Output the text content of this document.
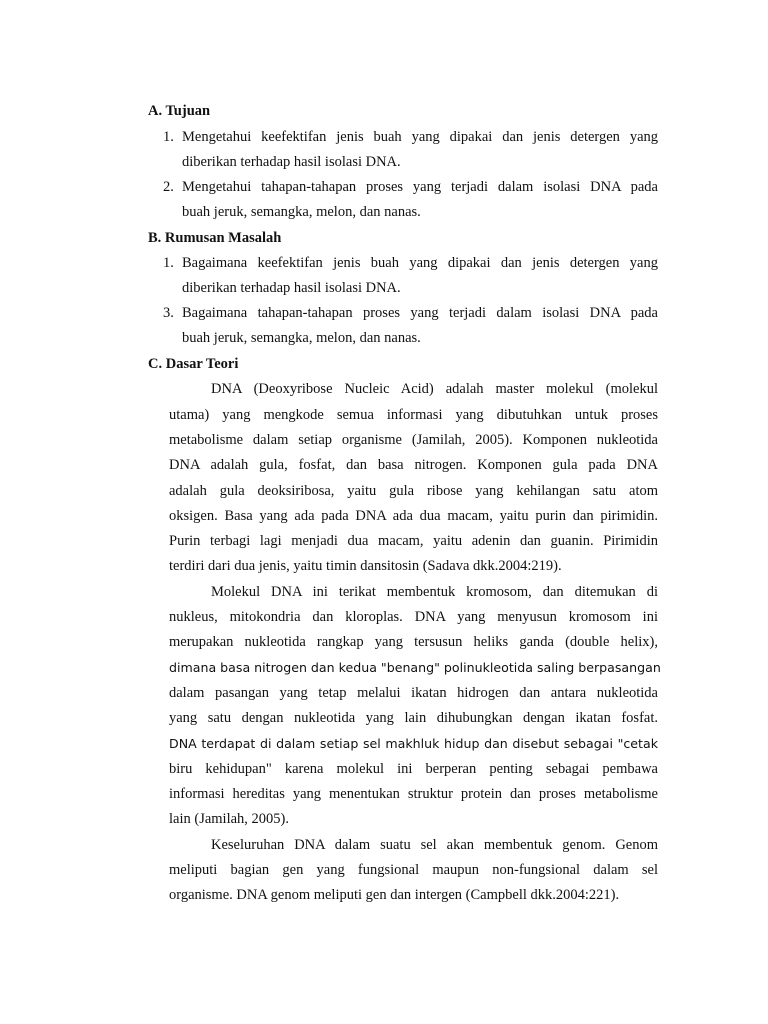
A. Tujuan
1. Mengetahui keefektifan jenis buah yang dipakai dan jenis detergen yang
diberikan terhadap hasil isolasi DNA.
2. Mengetahui tahapan-tahapan proses yang terjadi dalam isolasi DNA pada
buah jeruk, semangka, melon, dan nanas.
B. Rumusan Masalah
1. Bagaimana keefektifan jenis buah yang dipakai dan jenis detergen yang
diberikan terhadap hasil isolasi DNA.
3. Bagaimana tahapan-tahapan proses yang terjadi dalam isolasi DNA pada
buah jeruk, semangka, melon, dan nanas.
C. Dasar Teori
DNA (Deoxyribose Nucleic Acid) adalah master molekul (molekul
utama) yang mengkode semua informasi yang dibutuhkan untuk proses
metabolisme dalam setiap organisme (Jamilah, 2005). Komponen nukleotida
DNA adalah gula, fosfat, dan basa nitrogen. Komponen gula pada DNA
adalah gula deoksiribosa, yaitu gula ribose yang kehilangan satu atom
oksigen. Basa yang ada pada DNA ada dua macam, yaitu purin dan pirimidin.
Purin terbagi lagi menjadi dua macam, yaitu adenin dan guanin. Pirimidin
terdiri dari dua jenis, yaitu timin dansitosin (Sadava dkk.2004:219).
Molekul DNA ini terikat membentuk kromosom, dan ditemukan di
nukleus, mitokondria dan kloroplas. DNA yang menyusun kromosom ini
merupakan nukleotida rangkap yang tersusun heliks ganda (double helix),
dimana basa nitrogen dan kedua "benang" polinukleotida saling berpasangan
dalam pasangan yang tetap melalui ikatan hidrogen dan antara nukleotida
yang satu dengan nukleotida yang lain dihubungkan dengan ikatan fosfat.
DNA terdapat di dalam setiap sel makhluk hidup dan disebut sebagai "cetak
biru kehidupan" karena molekul ini berperan penting sebagai pembawa
informasi hereditas yang menentukan struktur protein dan proses metabolisme
lain (Jamilah, 2005).
Keseluruhan DNA dalam suatu sel akan membentuk genom. Genom
meliputi bagian gen yang fungsional maupun non-fungsional dalam sel
organisme. DNA genom meliputi gen dan intergen (Campbell dkk.2004:221).
